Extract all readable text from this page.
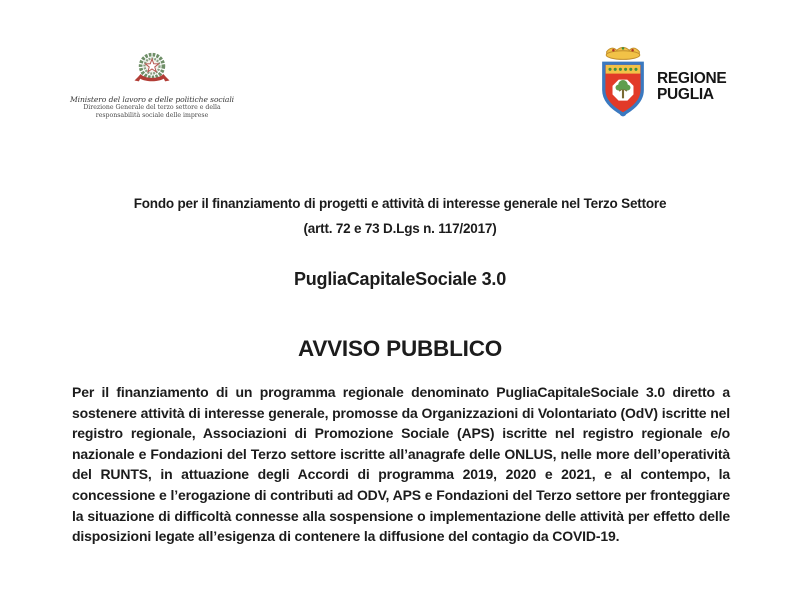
Ministero del lavoro e delle politiche sociali
Direzione Generale del terzo settore e della
responsabilità sociale delle imprese
REGIONE
PUGLIA
Fondo per il finanziamento di progetti e attività di interesse generale nel Terzo Settore
(artt. 72 e 73 D.Lgs n. 117/2017)
PugliaCapitaleSociale 3.0
AVVISO PUBBLICO
Per il finanziamento di un programma regionale denominato PugliaCapitaleSociale 3.0 diretto a sostenere attività di interesse generale, promosse da Organizzazioni di Volontariato (OdV) iscritte nel registro regionale, Associazioni di Promozione Sociale (APS) iscritte nel registro regionale e/o nazionale e Fondazioni del Terzo settore iscritte all’anagrafe delle ONLUS, nelle more dell’operatività del RUNTS, in attuazione degli Accordi di programma 2019, 2020 e 2021, e al contempo, la concessione e l’erogazione di contributi ad ODV, APS e Fondazioni del Terzo settore per fronteggiare la situazione di difficoltà connesse alla sospensione o implementazione delle attività per effetto delle disposizioni legate all’esigenza di contenere la diffusione del contagio da COVID-19.
